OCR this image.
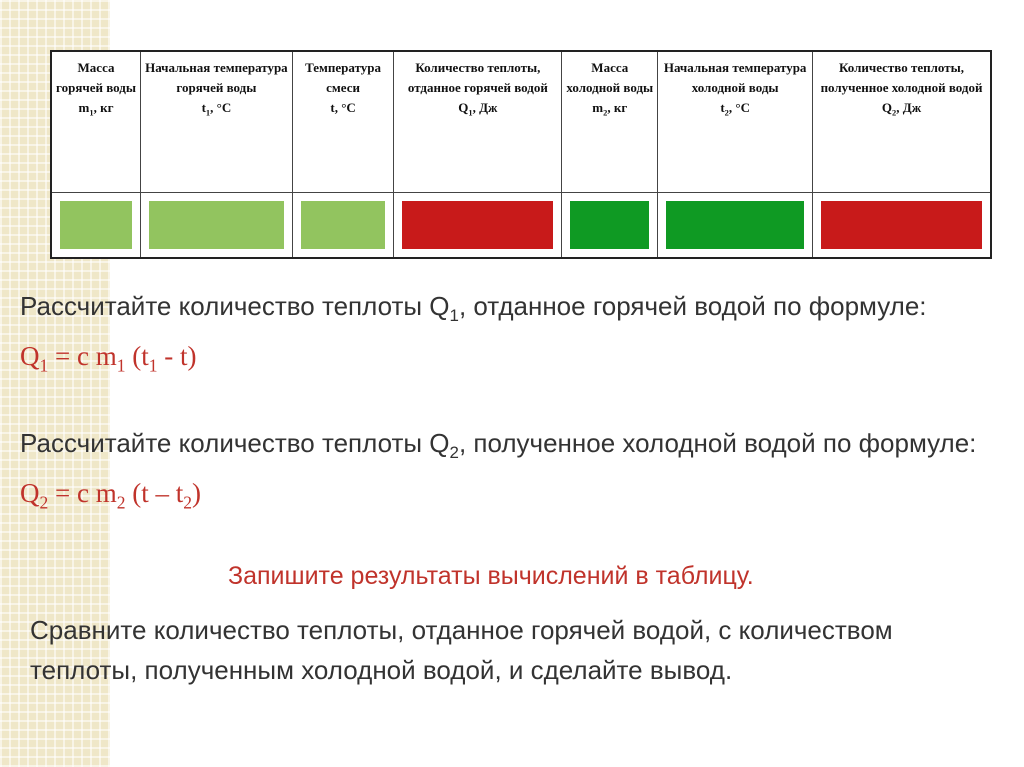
Масса горячей воды
$m_1$, кг	Начальная температура горячей воды
$t_1$, °С	Температура смеси
t, °С	Количество теплоты, отданное горячей водой
$Q_1$, Дж	Масса холодной воды
$m_2$, кг	Начальная температура холодной воды
$t_2$, °С	Количество теплоты, полученное холодной водой
$Q_2$, Дж

Рассчитайте количество теплоты $Q_1$, отданное горячей водой по формуле:
$Q_1 = c$ $m_1$ $(t_1 - t)$
Рассчитайте количество теплоты $Q_2$, полученное холодной водой по формуле:
$Q_2 = c$ $m_2$ $(t - t_2)$
Запишите результаты вычислений в таблицу.
Сравните количество теплоты, отданное горячей водой, с количеством теплоты, полученным холодной водой, и сделайте вывод.
